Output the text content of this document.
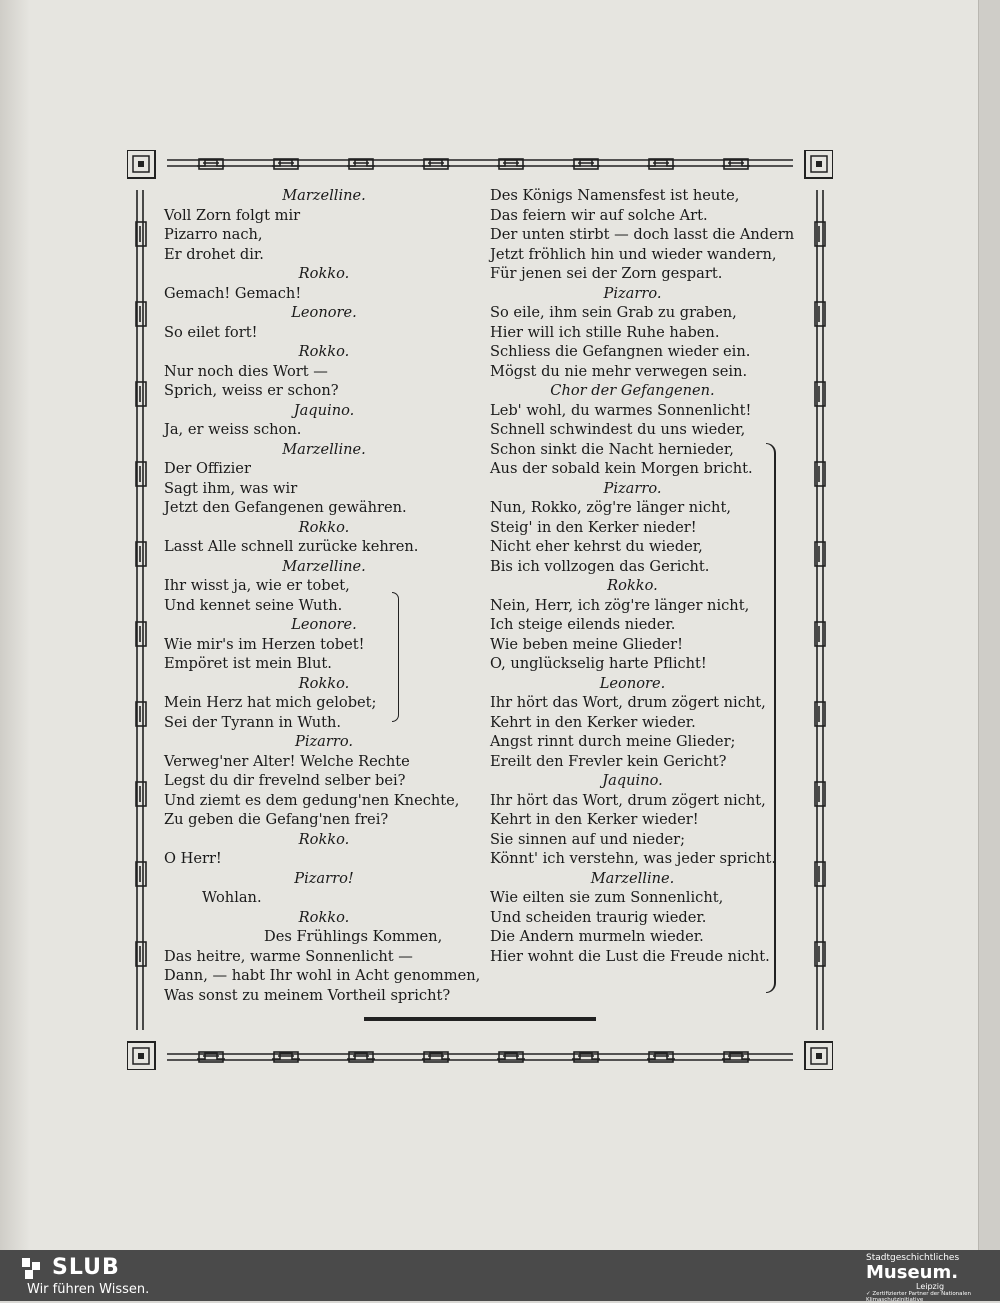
Marzelline.
Voll Zorn folgt mir
Pizarro nach,
Er drohet dir.
Rokko.
Gemach! Gemach!
Leonore.
So eilet fort!
Rokko.
Nur noch dies Wort —
Sprich, weiss er schon?
Jaquino.
Ja, er weiss schon.
Marzelline.
Der Offizier
Sagt ihm, was wir
Jetzt den Gefangenen gewähren.
Rokko.
Lasst Alle schnell zurücke kehren.
Marzelline.
Ihr wisst ja, wie er tobet,
Und kennet seine Wuth.
Leonore.
Wie mir's im Herzen tobet!
Empöret ist mein Blut.
Rokko.
Mein Herz hat mich gelobet;
Sei der Tyrann in Wuth.
Pizarro.
Verweg'ner Alter! Welche Rechte
Legst du dir frevelnd selber bei?
Und ziemt es dem gedung'nen Knechte,
Zu geben die Gefang'nen frei?
Rokko.
O Herr!
Pizarro!
Wohlan.
Rokko.
Des Frühlings Kommen,
Das heitre, warme Sonnenlicht —
Dann, — habt Ihr wohl in Acht genommen,
Was sonst zu meinem Vortheil spricht?
Des Königs Namensfest ist heute,
Das feiern wir auf solche Art.
Der unten stirbt — doch lasst die Andern
Jetzt fröhlich hin und wieder wandern,
Für jenen sei der Zorn gespart.
Pizarro.
So eile, ihm sein Grab zu graben,
Hier will ich stille Ruhe haben.
Schliess die Gefangnen wieder ein.
Mögst du nie mehr verwegen sein.
Chor der Gefangenen.
Leb' wohl, du warmes Sonnenlicht!
Schnell schwindest du uns wieder,
Schon sinkt die Nacht hernieder,
Aus der sobald kein Morgen bricht.
Pizarro.
Nun, Rokko, zög're länger nicht,
Steig' in den Kerker nieder!
Nicht eher kehrst du wieder,
Bis ich vollzogen das Gericht.
Rokko.
Nein, Herr, ich zög're länger nicht,
Ich steige eilends nieder.
Wie beben meine Glieder!
O, unglückselig harte Pflicht!
Leonore.
Ihr hört das Wort, drum zögert nicht,
Kehrt in den Kerker wieder.
Angst rinnt durch meine Glieder;
Ereilt den Frevler kein Gericht?
Jaquino.
Ihr hört das Wort, drum zögert nicht,
Kehrt in den Kerker wieder!
Sie sinnen auf und nieder;
Könnt' ich verstehn, was jeder spricht.
Marzelline.
Wie eilten sie zum Sonnenlicht,
Und scheiden traurig wieder.
Die Andern murmeln wieder.
Hier wohnt die Lust die Freude nicht.
SLUB
Wir führen Wissen.
Stadtgeschichtliches
Museum.
Leipzig
✓ Zertifizierter Partner der Nationalen Klimaschutzinitiative
